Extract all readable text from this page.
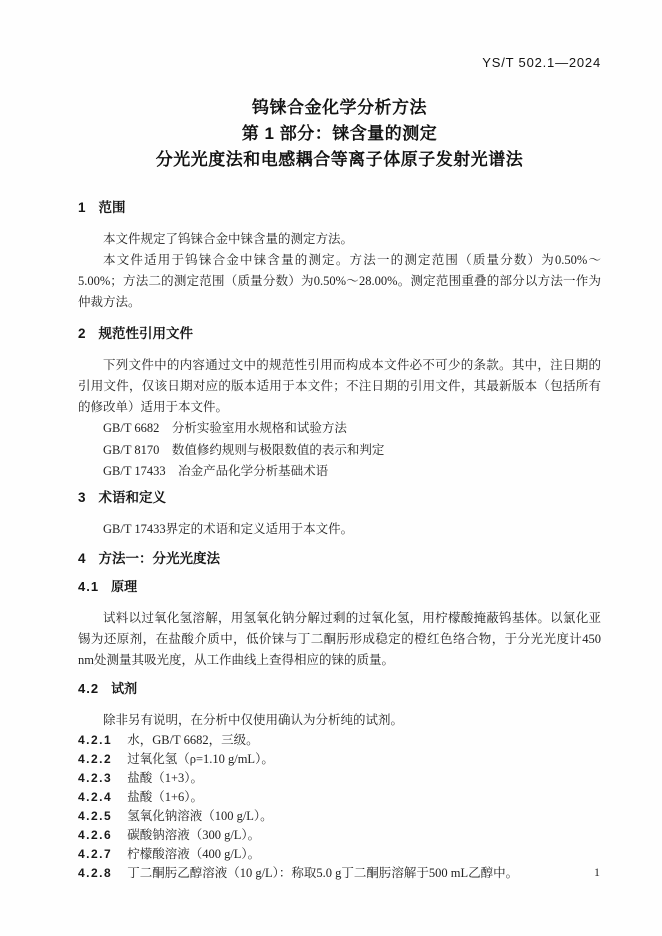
YS/T 502.1—2024
钨铼合金化学分析方法
第 1 部分：铼含量的测定
分光光度法和电感耦合等离子体原子发射光谱法
1 范围

本文件规定了钨铼合金中铼含量的测定方法。

本文件适用于钨铼合金中铼含量的测定。方法一的测定范围（质量分数）为0.50%～5.00%；方法二的测定范围（质量分数）为0.50%～28.00%。测定范围重叠的部分以方法一作为仲裁方法。

2 规范性引用文件

下列文件中的内容通过文中的规范性引用而构成本文件必不可少的条款。其中，注日期的引用文件，仅该日期对应的版本适用于本文件；不注日期的引用文件，其最新版本（包括所有的修改单）适用于本文件。

GB/T 6682　分析实验室用水规格和试验方法
GB/T 8170　数值修约规则与极限数值的表示和判定
GB/T 17433　冶金产品化学分析基础术语
3 术语和定义

GB/T 17433界定的术语和定义适用于本文件。

4 方法一：分光光度法
4.1 原理

试料以过氧化氢溶解，用氢氧化钠分解过剩的过氧化氢，用柠檬酸掩蔽钨基体。以氯化亚锡为还原剂，在盐酸介质中，低价铼与丁二酮肟形成稳定的橙红色络合物，于分光光度计450 nm处测量其吸光度，从工作曲线上查得相应的铼的质量。

4.2 试剂

除非另有说明，在分析中仅使用确认为分析纯的试剂。

4.2.1 水，GB/T 6682，三级。
4.2.2 过氧化氢（ρ=1.10 g/mL）。
4.2.3 盐酸（1+3）。
4.2.4 盐酸（1+6）。
4.2.5 氢氧化钠溶液（100 g/L）。
4.2.6 碳酸钠溶液（300 g/L）。
4.2.7 柠檬酸溶液（400 g/L）。
4.2.8 丁二酮肟乙醇溶液（10 g/L）：称取5.0 g丁二酮肟溶解于500 mL乙醇中。	1
